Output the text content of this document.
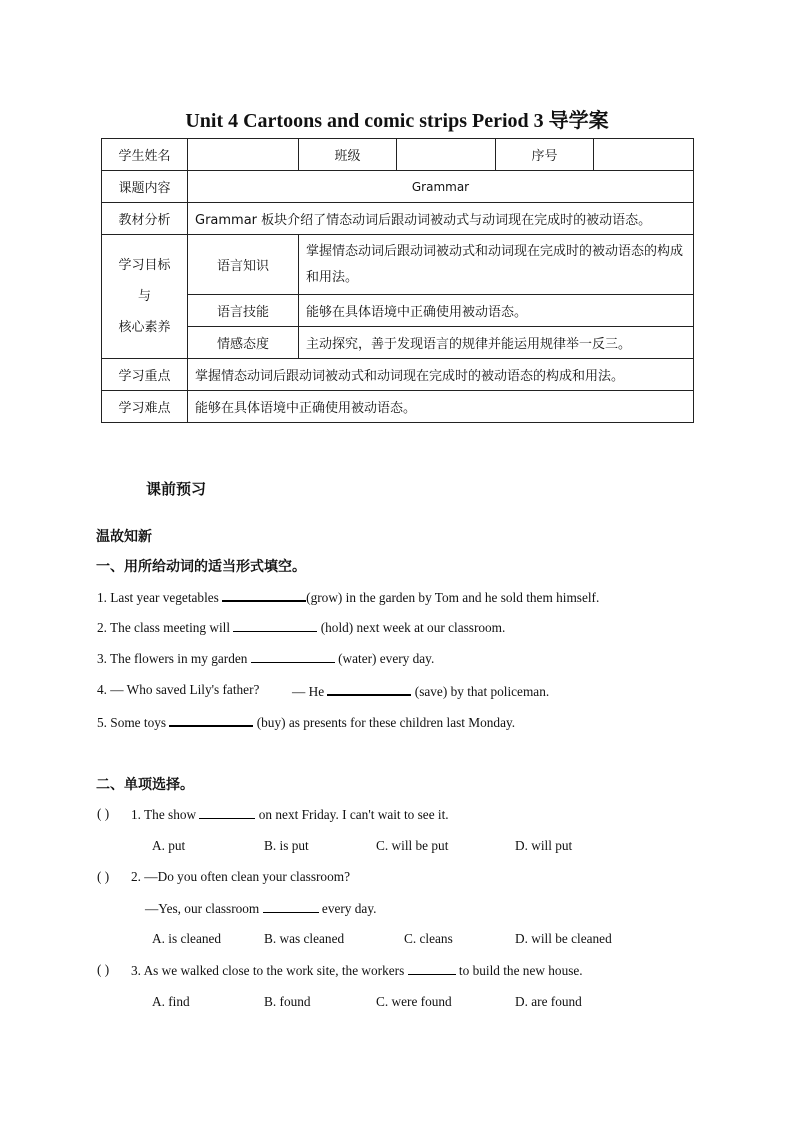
Unit 4 Cartoons and comic strips Period 3 导学案
学生姓名		班级		序号	
课题内容	Grammar				
教材分析	Grammar 板块介绍了情态动词后跟动词被动式与动词现在完成时的被动语态。				

学习目标
与
核心素养	语言知识	掌握情态动词后跟动词被动式和动词现在完成时的被动语态的构成和用法。			
	语言技能	能够在具体语境中正确使用被动语态。			
	情感态度	主动探究，善于发现语言的规律并能运用规律举一反三。			
学习重点	掌握情态动词后跟动词被动式和动词现在完成时的被动语态的构成和用法。				
学习难点	能够在具体语境中正确使用被动语态。				
课前预习
温故知新
一、用所给动词的适当形式填空。
1. Last year vegetables	(grow) in the garden by Tom and he sold them himself.
2. The class meeting will	(hold) next week at our classroom.
3. The flowers in my garden	(water) every day.
4. — Who saved Lily's father? — He	(save) by that policeman.
5. Some toys	(buy) as presents for these children last Monday.
二、单项选择。
( ) 1. The show	on next Friday. I can't wait to see it.
A. put	B. is put	C. will be put	D. will put
( ) 2. —Do you often clean your classroom?
—Yes, our classroom	every day.
A. is cleaned	B. was cleaned	C. cleans	D. will be cleaned
( ) 3. As we walked close to the work site, the workers	to build the new house.
A. find	B. found	C. were found	D. are found
